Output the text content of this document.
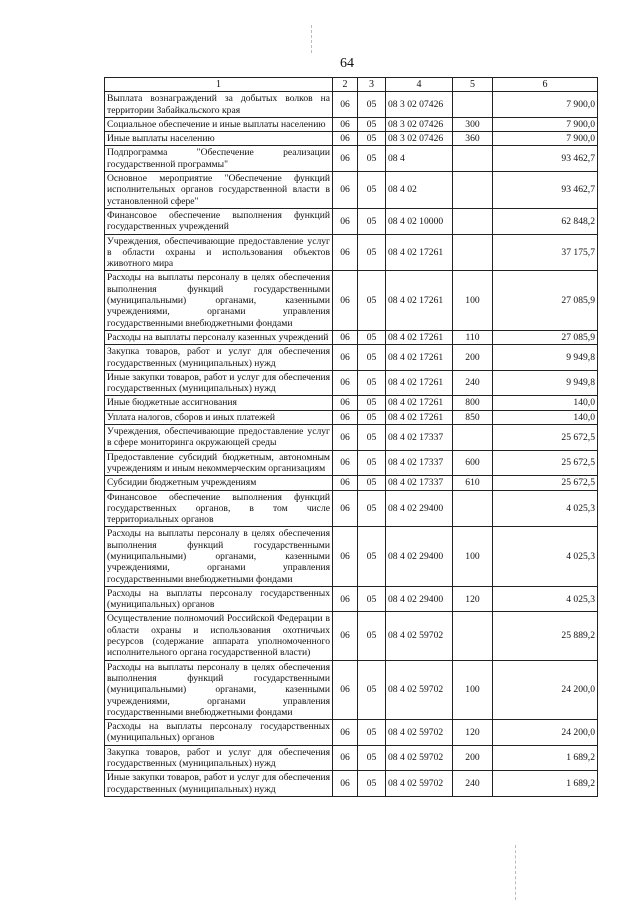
64
1	2	3	4	5	6
Выплата вознаграждений за добытых волков на территории Забайкальского края	06	05	08 3 02 07426		7 900,0
Социальное обеспечение и иные выплаты населению	06	05	08 3 02 07426	300	7 900,0
Иные выплаты населению	06	05	08 3 02 07426	360	7 900,0
Подпрограмма "Обеспечение реализации государственной программы"	06	05	08 4		93 462,7
Основное мероприятие "Обеспечение функций исполнительных органов государственной власти в установленной сфере"	06	05	08 4 02		93 462,7
Финансовое обеспечение выполнения функций государственных учреждений	06	05	08 4 02 10000		62 848,2
Учреждения, обеспечивающие предоставление услуг в области охраны и использования объектов животного мира	06	05	08 4 02 17261		37 175,7
Расходы на выплаты персоналу в целях обеспечения выполнения функций государственными (муниципальными) органами, казенными учреждениями, органами управления государственными внебюджетными фондами	06	05	08 4 02 17261	100	27 085,9
Расходы на выплаты персоналу казенных учреждений	06	05	08 4 02 17261	110	27 085,9
Закупка товаров, работ и услуг для обеспечения государственных (муниципальных) нужд	06	05	08 4 02 17261	200	9 949,8
Иные закупки товаров, работ и услуг для обеспечения государственных (муниципальных) нужд	06	05	08 4 02 17261	240	9 949,8
Иные бюджетные ассигнования	06	05	08 4 02 17261	800	140,0
Уплата налогов, сборов и иных платежей	06	05	08 4 02 17261	850	140,0
Учреждения, обеспечивающие предоставление услуг в сфере мониторинга окружающей среды	06	05	08 4 02 17337		25 672,5
Предоставление субсидий бюджетным, автономным учреждениям и иным некоммерческим организациям	06	05	08 4 02 17337	600	25 672,5
Субсидии бюджетным учреждениям	06	05	08 4 02 17337	610	25 672,5
Финансовое обеспечение выполнения функций государственных органов, в том числе территориальных органов	06	05	08 4 02 29400		4 025,3
Расходы на выплаты персоналу в целях обеспечения выполнения функций государственными (муниципальными) органами, казенными учреждениями, органами управления государственными внебюджетными фондами	06	05	08 4 02 29400	100	4 025,3
Расходы на выплаты персоналу государственных (муниципальных) органов	06	05	08 4 02 29400	120	4 025,3
Осуществление полномочий Российской Федерации в области охраны и использования охотничьих ресурсов (содержание аппарата уполномоченного исполнительного органа государственной власти)	06	05	08 4 02 59702		25 889,2
Расходы на выплаты персоналу в целях обеспечения выполнения функций государственными (муниципальными) органами, казенными учреждениями, органами управления государственными внебюджетными фондами	06	05	08 4 02 59702	100	24 200,0
Расходы на выплаты персоналу государственных (муниципальных) органов	06	05	08 4 02 59702	120	24 200,0
Закупка товаров, работ и услуг для обеспечения государственных (муниципальных) нужд	06	05	08 4 02 59702	200	1 689,2
Иные закупки товаров, работ и услуг для обеспечения государственных (муниципальных) нужд	06	05	08 4 02 59702	240	1 689,2
